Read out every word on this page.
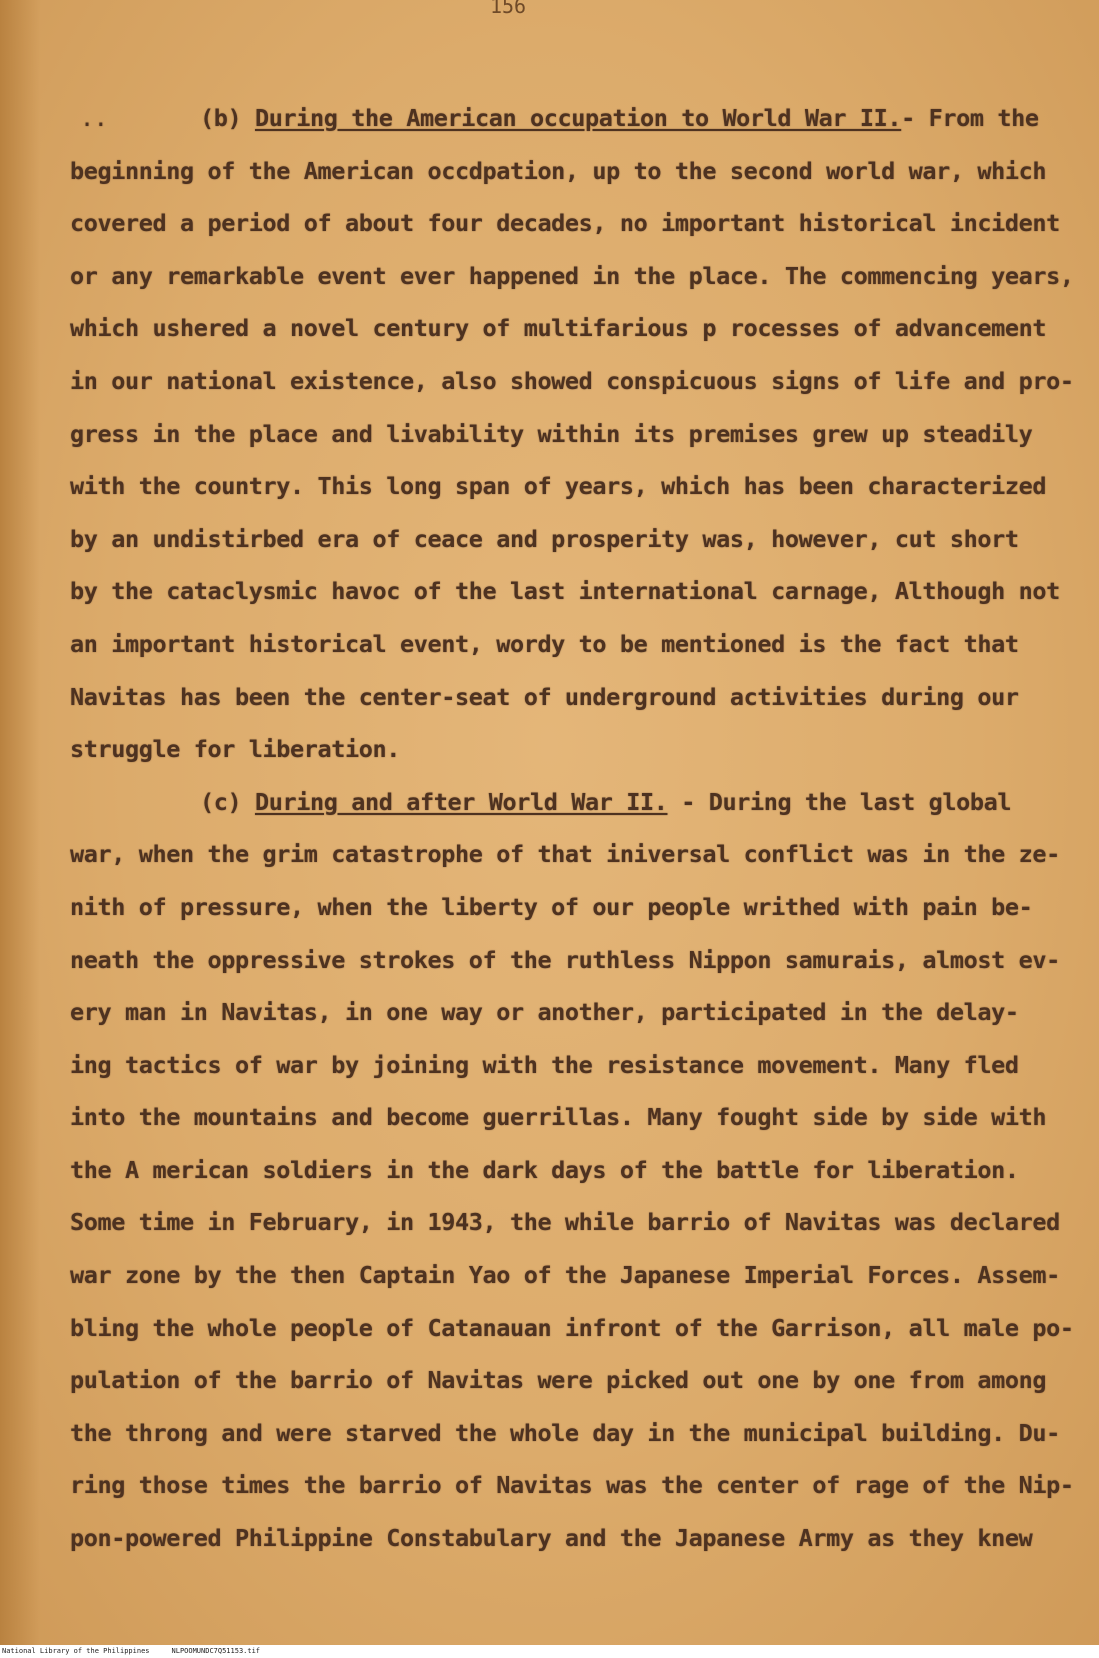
156
..	(b) During the American occupation to World War II.- From the
beginning of the American occdpation, up to the second world war, which
covered a period of about four decades, no important historical incident
or any remarkable event ever happened in the place. The commencing years,
which ushered a novel century of multifarious p rocesses of advancement
in our national existence, also showed conspicuous signs of life and pro-
gress in the place and livability within its premises grew up steadily
with the country. This long span of years, which has been characterized
by an undistirbed era of ceace and prosperity was, however, cut short
by the cataclysmic havoc of the last international carnage, Although not
an important historical event, wordy to be mentioned is the fact that
Navitas has been the center-seat of underground activities during our
struggle for liberation.
(c) During and after World War II. - During the last global
war, when the grim catastrophe of that iniversal conflict was in the ze-
nith of pressure, when the liberty of our people writhed with pain be-
neath the oppressive strokes of the ruthless Nippon samurais, almost ev-
ery man in Navitas, in one way or another, participated in the delay-
ing tactics of war by joining with the resistance movement. Many fled
into the mountains and become guerrillas. Many fought side by side with
the A merican soldiers in the dark days of the battle for liberation.
Some time in February, in 1943, the while barrio of Navitas was declared
war zone by the then Captain Yao of the Japanese Imperial Forces. Assem-
bling the whole people of Catanauan infront of the Garrison, all male po-
pulation of the barrio of Navitas were picked out one by one from among
the throng and were starved the whole day in the municipal building. Du-
ring those times the barrio of Navitas was the center of rage of the Nip-
pon-powered Philippine Constabulary and the Japanese Army as they knew
National Library of the Philippines	NLPOOMUNDC7Q51153.tif
